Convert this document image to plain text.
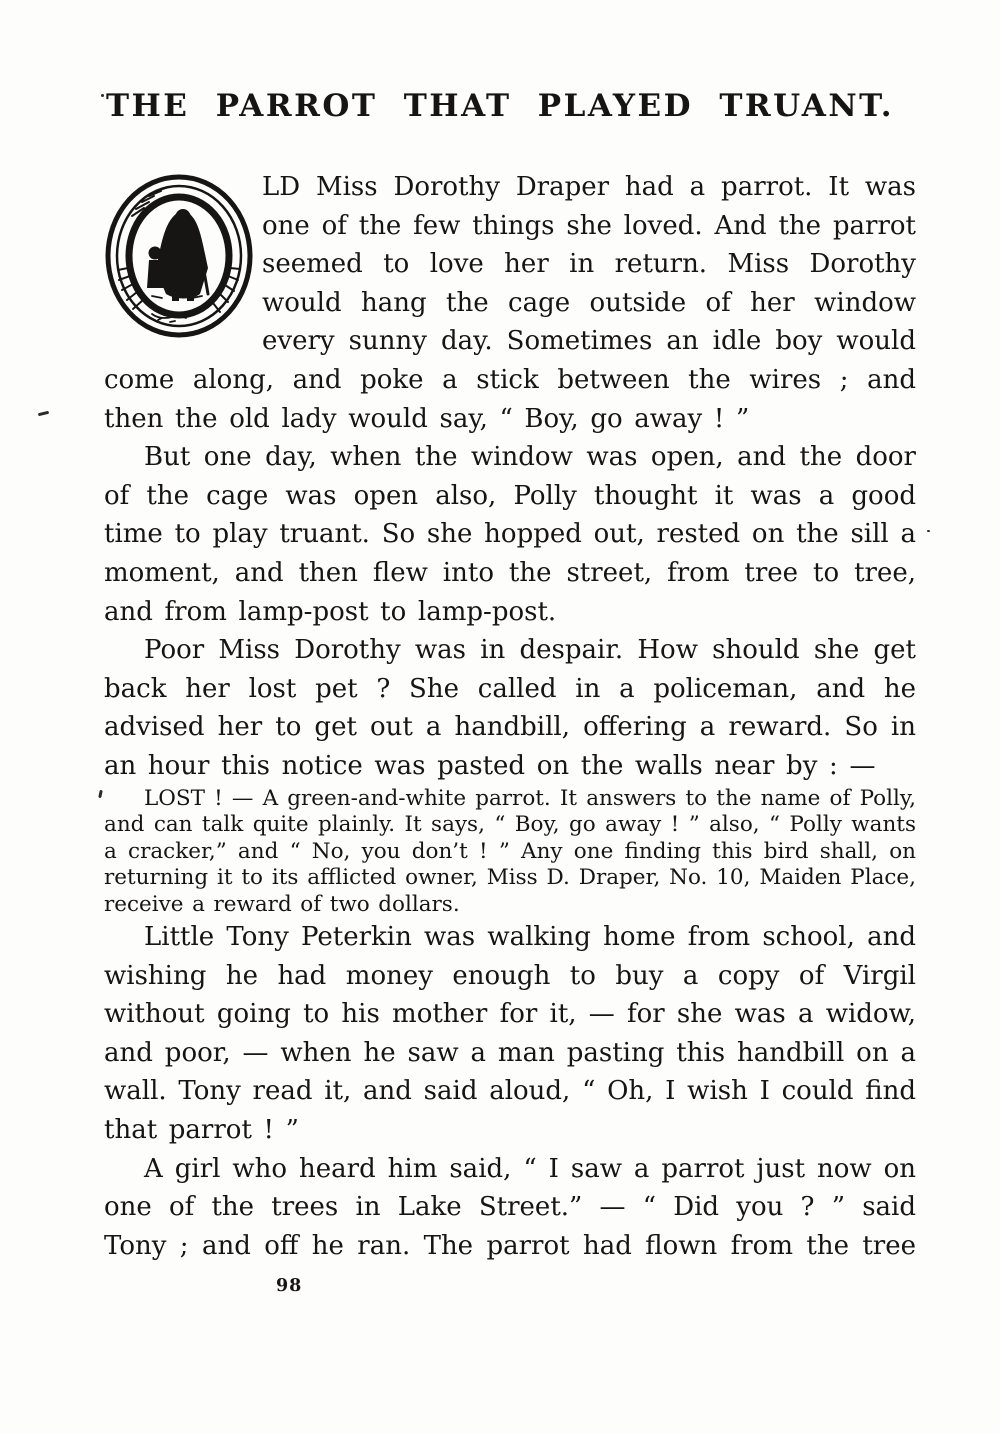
THE PARROT THAT PLAYED TRUANT.

LD Miss Dorothy Draper had a parrot. It was one of the few things she loved. And the parrot seemed to love her in return. Miss Dorothy would hang the cage outside of her window every sunny day. Sometimes an idle boy would come along, and poke a stick between the wires ; and then the old lady would say, “ Boy, go away ! ”

But one day, when the window was open, and the door of the cage was open also, Polly thought it was a good time to play truant. So she hopped out, rested on the sill a moment, and then flew into the street, from tree to tree, and from lamp-post to lamp-post.

Poor Miss Dorothy was in despair. How should she get back her lost pet ? She called in a policeman, and he advised her to get out a handbill, offering a reward. So in an hour this notice was pasted on the walls near by : —

LOST ! — A green-and-white parrot. It answers to the name of Polly, and can talk quite plainly. It says, “ Boy, go away ! ” also, “ Polly wants a cracker,” and “ No, you don’t ! ” Any one finding this bird shall, on returning it to its afflicted owner, Miss D. Draper, No. 10, Maiden Place, receive a reward of two dollars.

Little Tony Peterkin was walking home from school, and wishing he had money enough to buy a copy of Virgil without going to his mother for it, — for she was a widow, and poor, — when he saw a man pasting this handbill on a wall. Tony read it, and said aloud, “ Oh, I wish I could find that parrot ! ”

A girl who heard him said, “ I saw a parrot just now on one of the trees in Lake Street.” — “ Did you ? ” said Tony ; and off he ran. The parrot had flown from the tree

98
